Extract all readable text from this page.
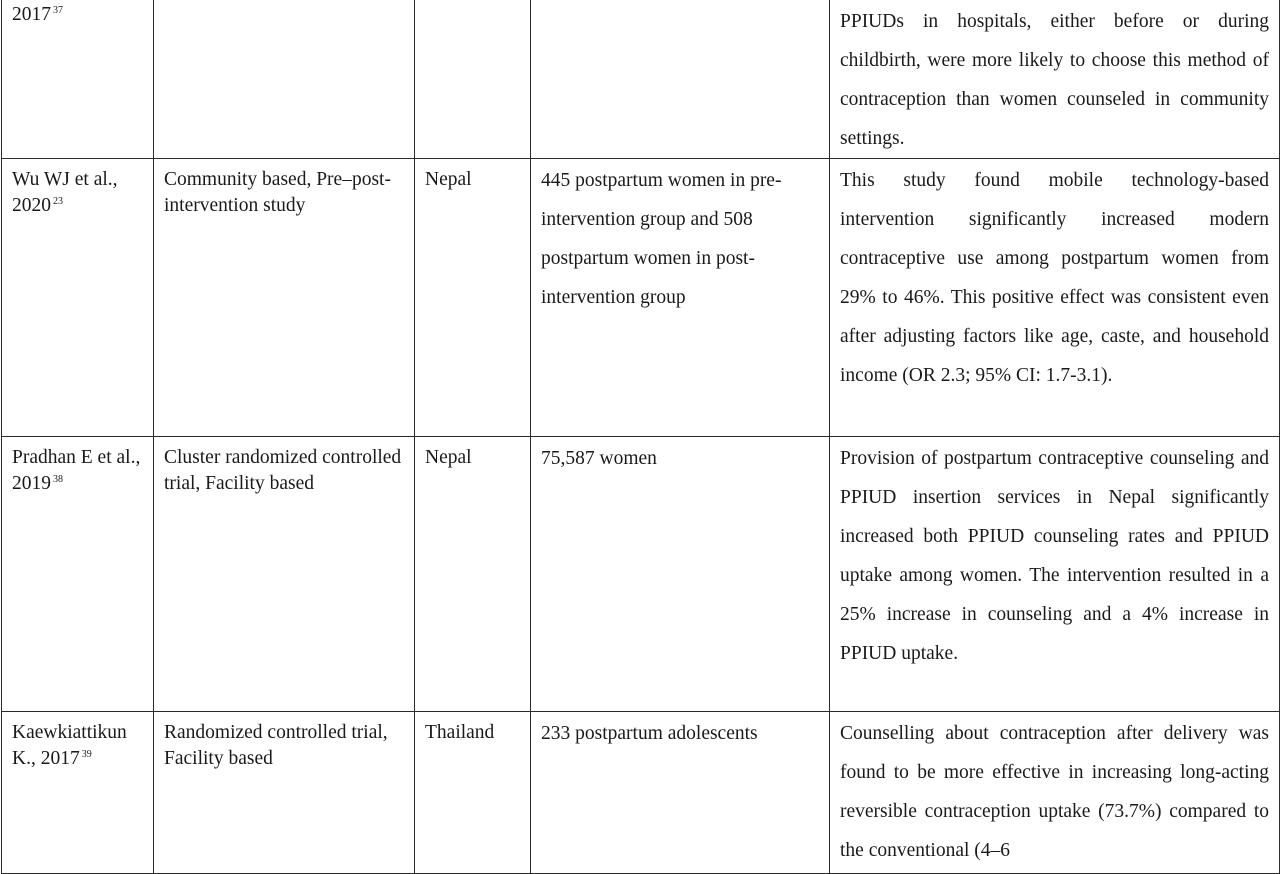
2017 $^{37}$				PPIUDs in hospitals, either before or during childbirth, were more likely to choose this method of contraception than women counseled in community settings.
Wu WJ et al., 2020 $^{23}$	Community based, Pre–post-intervention study	Nepal	445 postpartum women in pre-intervention group and 508 postpartum women in post-intervention group	This study found mobile technology-based intervention significantly increased modern contraceptive use among postpartum women from 29% to 46%. This positive effect was consistent even after adjusting factors like age, caste, and household income (OR 2.3; 95% CI: 1.7-3.1).
Pradhan E et al., 2019 $^{38}$	Cluster randomized controlled trial, Facility based	Nepal	75,587 women	Provision of postpartum contraceptive counseling and PPIUD insertion services in Nepal significantly increased both PPIUD counseling rates and PPIUD uptake among women. The intervention resulted in a 25% increase in counseling and a 4% increase in PPIUD uptake.
Kaewkiattikun K., 2017 $^{39}$	Randomized controlled trial, Facility based	Thailand	233 postpartum adolescents	Counselling about contraception after delivery was found to be more effective in increasing long-acting reversible contraception uptake (73.7%) compared to the conventional (4–6
